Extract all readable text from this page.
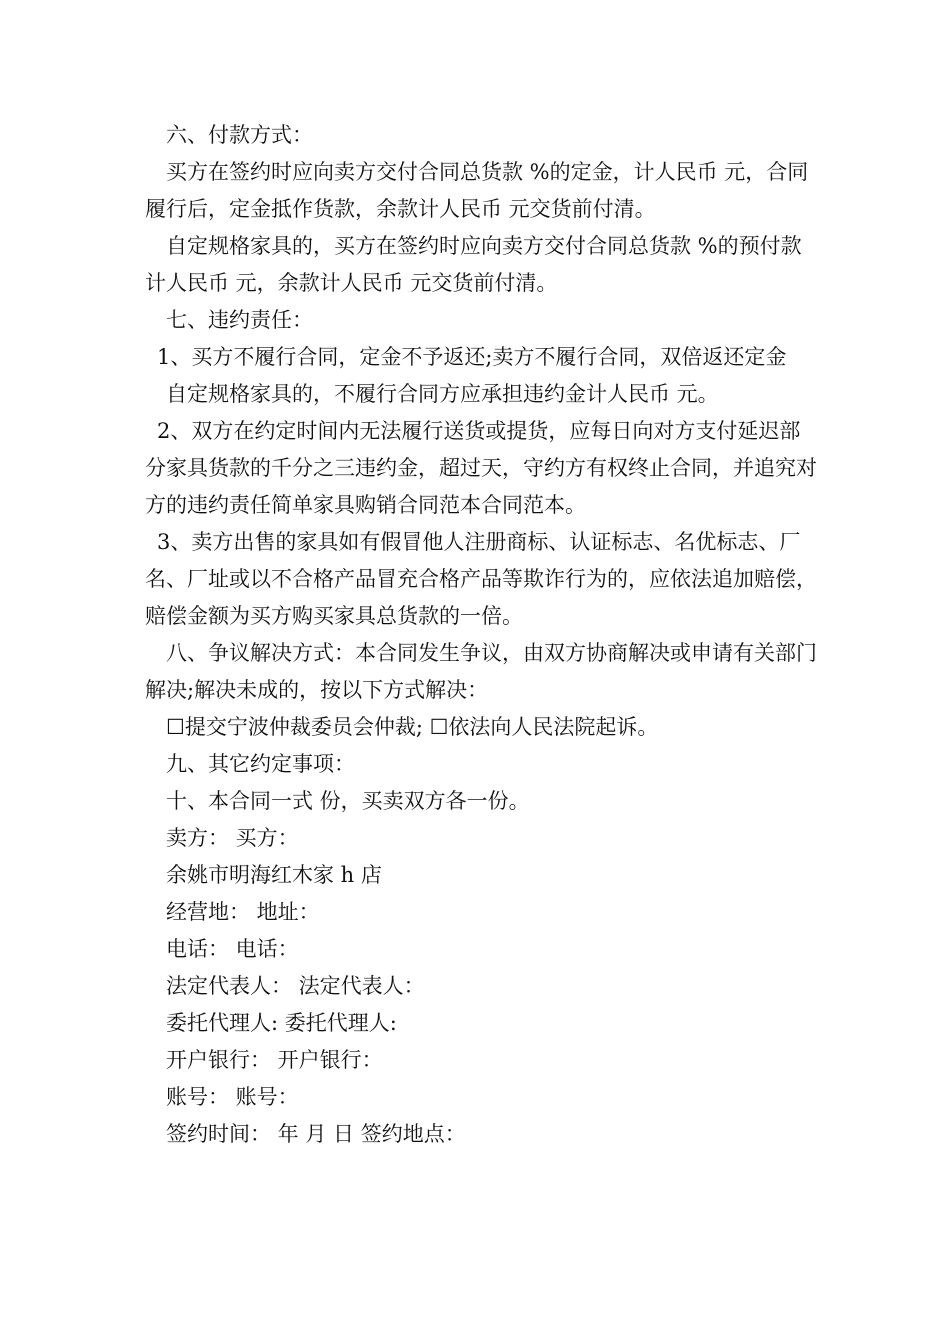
六、付款方式：

买方在签约时应向卖方交付合同总货款 %的定金，计人民币 元，合同履行后，定金抵作货款，余款计人民币 元交货前付清。

自定规格家具的，买方在签约时应向卖方交付合同总货款 %的预付款计人民币 元，余款计人民币 元交货前付清。

七、违约责任：

1、买方不履行合同，定金不予返还;卖方不履行合同，双倍返还定金

自定规格家具的，不履行合同方应承担违约金计人民币 元。

2、双方在约定时间内无法履行送货或提货，应每日向对方支付延迟部分家具货款的千分之三违约金，超过天，守约方有权终止合同，并追究对方的违约责任简单家具购销合同范本合同范本。

3、卖方出售的家具如有假冒他人注册商标、认证标志、名优标志、厂名、厂址或以不合格产品冒充合格产品等欺诈行为的，应依法追加赔偿，赔偿金额为买方购买家具总货款的一倍。

八、争议解决方式：本合同发生争议，由双方协商解决或申请有关部门解决;解决未成的，按以下方式解决：

☐提交宁波仲裁委员会仲裁; ☐依法向人民法院起诉。

九、其它约定事项：

十、本合同一式 份，买卖双方各一份。

卖方： 买方：

余姚市明海红木家 h 店

经营地： 地址：

电话： 电话：

法定代表人： 法定代表人：

委托代理人: 委托代理人:

开户银行： 开户银行：

账号： 账号：

签约时间： 年 月 日 签约地点：
